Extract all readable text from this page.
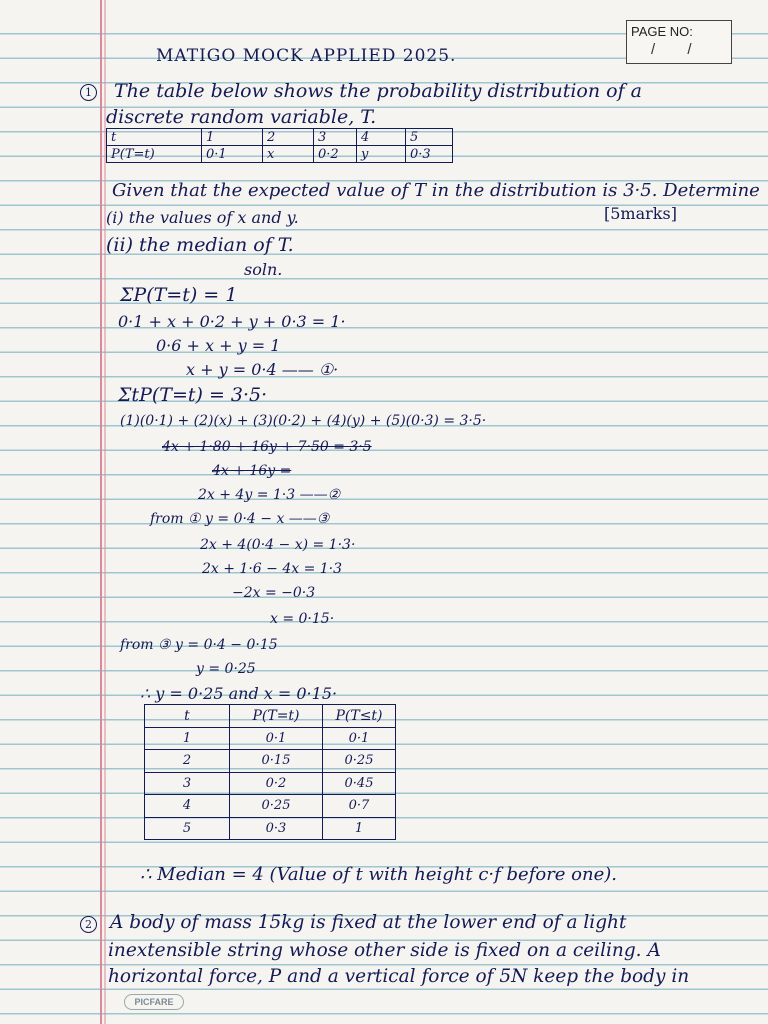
PAGE NO:
/ /
MATIGO MOCK APPLIED 2025.
1	The table below shows the probability distribution of a
discrete random variable, T.
t	1	2	3	4	5
P(T=t)	0·1	x	0·2	y	0·3
Given that the expected value of T in the distribution is 3·5. Determine
(i) the values of x and y.	[5marks]
(ii) the median of T.
soln.
ΣP(T=t) = 1
0·1 + x + 0·2 + y + 0·3 = 1·
0·6 + x + y = 1
x + y = 0·4 —— ①·
ΣtP(T=t) = 3·5·
(1)(0·1) + (2)(x) + (3)(0·2) + (4)(y) + (5)(0·3) = 3·5·
4x + 1·80 + 16y + 7·50 = 3·5
4x + 16y =
2x + 4y = 1·3 ——②
from ① y = 0·4 − x ——③
2x + 4(0·4 − x) = 1·3·
2x + 1·6 − 4x = 1·3
−2x = −0·3
x = 0·15·
from ③ y = 0·4 − 0·15
y = 0·25
∴ y = 0·25 and x = 0·15·
t	P(T=t)	P(T≤t)
1	0·1	0·1
2	0·15	0·25
3	0·2	0·45
4	0·25	0·7
5	0·3	1
∴ Median = 4 (Value of t with height c·f before one).
2 A body of mass 15kg is fixed at the lower end of a light
inextensible string whose other side is fixed on a ceiling. A
horizontal force, P and a vertical force of 5N keep the body in
PICFARE
